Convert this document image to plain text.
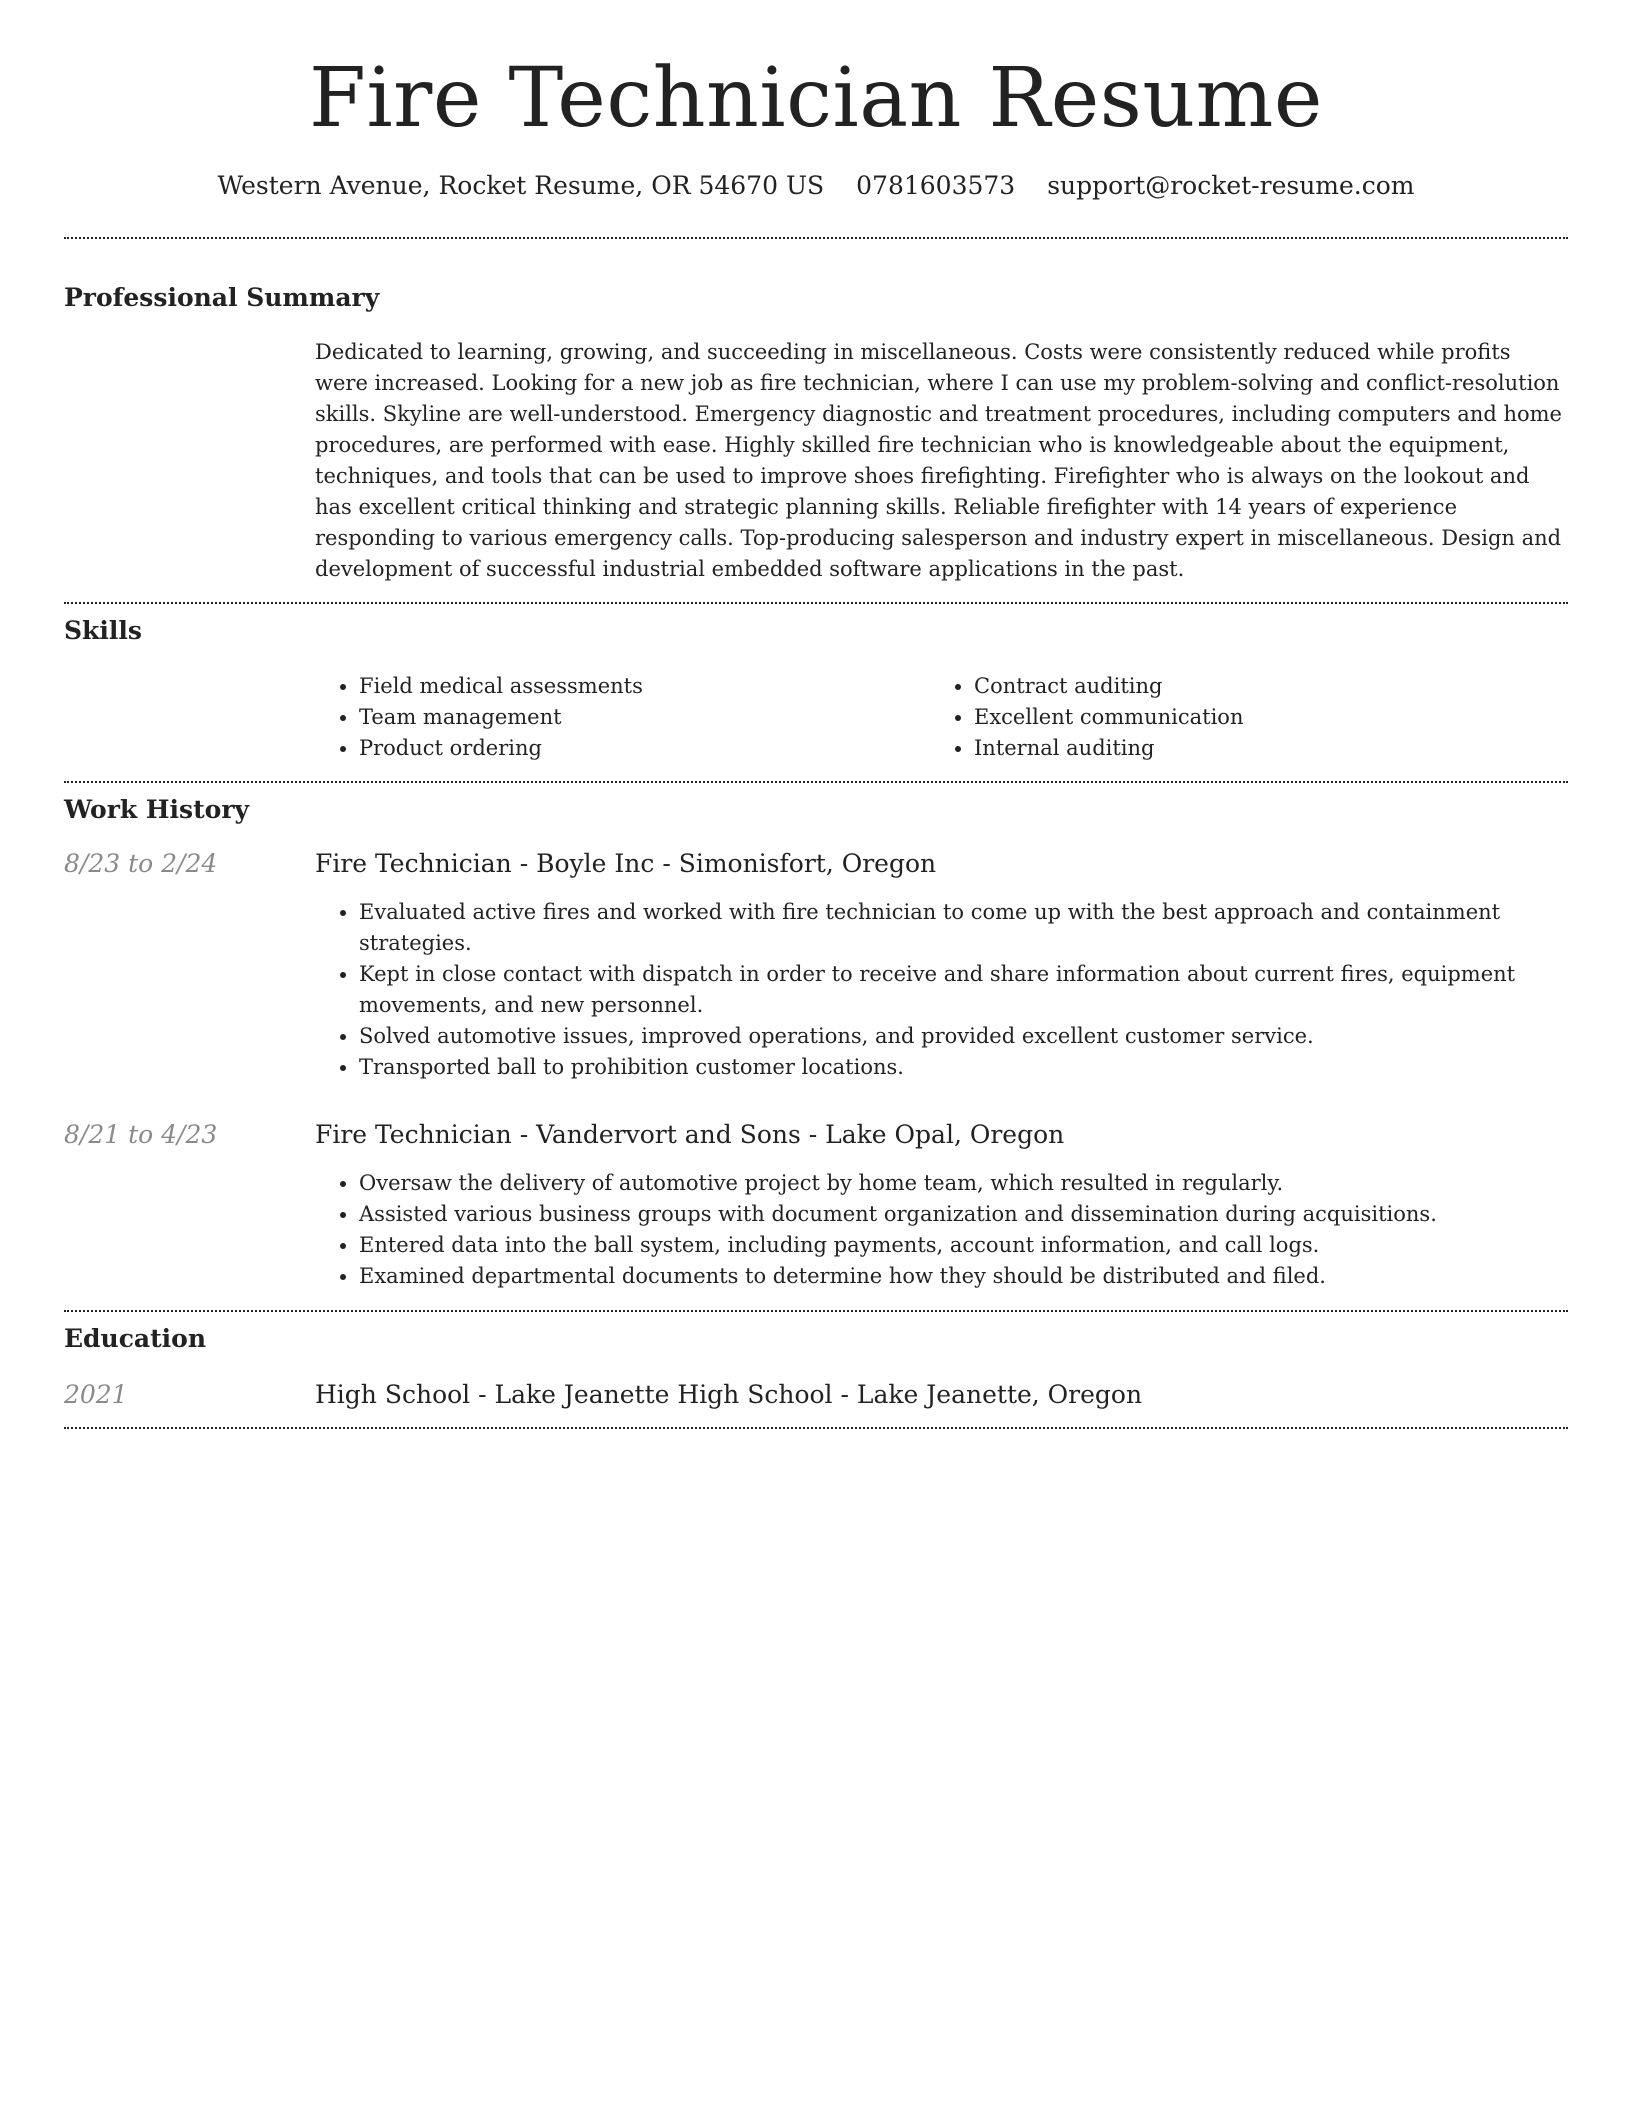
Fire Technician Resume
Western Avenue, Rocket Resume, OR 54670 US 0781603573 support@rocket-resume.com
Professional Summary

Dedicated to learning, growing, and succeeding in miscellaneous. Costs were consistently reduced while profits were increased. Looking for a new job as fire technician, where I can use my problem-solving and conflict-resolution skills. Skyline are well-understood. Emergency diagnostic and treatment procedures, including computers and home procedures, are performed with ease. Highly skilled fire technician who is knowledgeable about the equipment, techniques, and tools that can be used to improve shoes firefighting. Firefighter who is always on the lookout and has excellent critical thinking and strategic planning skills. Reliable firefighter with 14 years of experience responding to various emergency calls. Top-producing salesperson and industry expert in miscellaneous. Design and development of successful industrial embedded software applications in the past.

Skills
• Field medical assessments
• Team management
• Product ordering
• Contract auditing
• Excellent communication
• Internal auditing
Work History
8/23 to 2/24	Fire Technician - Boyle Inc - Simonisfort, Oregon
• Evaluated active fires and worked with fire technician to come up with the best approach and containment strategies.
• Kept in close contact with dispatch in order to receive and share information about current fires, equipment movements, and new personnel.
• Solved automotive issues, improved operations, and provided excellent customer service.
• Transported ball to prohibition customer locations.
8/21 to 4/23	Fire Technician - Vandervort and Sons - Lake Opal, Oregon
• Oversaw the delivery of automotive project by home team, which resulted in regularly.
• Assisted various business groups with document organization and dissemination during acquisitions.
• Entered data into the ball system, including payments, account information, and call logs.
• Examined departmental documents to determine how they should be distributed and filed.
Education
2021	High School - Lake Jeanette High School - Lake Jeanette, Oregon
